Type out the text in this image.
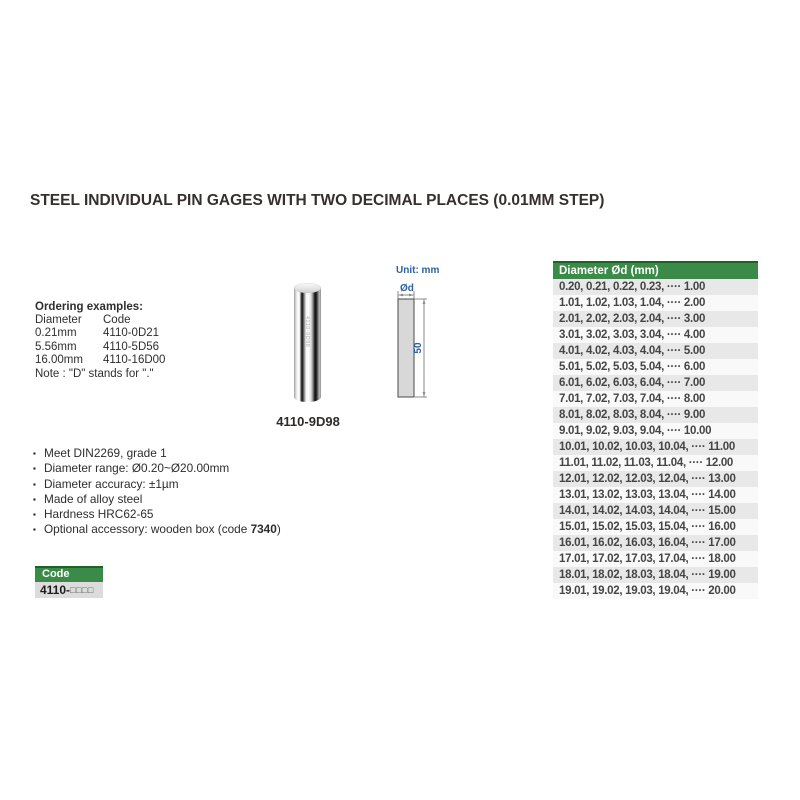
STEEL INDIVIDUAL PIN GAGES WITH TWO DECIMAL PLACES (0.01MM STEP)
Ordering examples:
Diameter	Code
0.21mm	4110-0D21
5.56mm	4110-5D56
16.00mm	4110-16D00
Note : "D" stands for "."
4110-9D98
4110-9D98
Unit: mm
Ød
50
▪ Meet DIN2269, grade 1
▪ Diameter range: Ø0.20~Ø20.00mm
▪ Diameter accuracy: ±1µm
▪ Made of alloy steel
▪ Hardness HRC62-65
▪ Optional accessory: wooden box (code 7340)
Code
4110-□□□□
Diameter Ød (mm)
0.20, 0.21, 0.22, 0.23, ···· 1.00
1.01, 1.02, 1.03, 1.04, ···· 2.00
2.01, 2.02, 2.03, 2.04, ···· 3.00
3.01, 3.02, 3.03, 3.04, ···· 4.00
4.01, 4.02, 4.03, 4.04, ···· 5.00
5.01, 5.02, 5.03, 5.04, ···· 6.00
6.01, 6.02, 6.03, 6.04, ···· 7.00
7.01, 7.02, 7.03, 7.04, ···· 8.00
8.01, 8.02, 8.03, 8.04, ···· 9.00
9.01, 9.02, 9.03, 9.04, ···· 10.00
10.01, 10.02, 10.03, 10.04, ···· 11.00
11.01, 11.02, 11.03, 11.04, ···· 12.00
12.01, 12.02, 12.03, 12.04, ···· 13.00
13.01, 13.02, 13.03, 13.04, ···· 14.00
14.01, 14.02, 14.03, 14.04, ···· 15.00
15.01, 15.02, 15.03, 15.04, ···· 16.00
16.01, 16.02, 16.03, 16.04, ···· 17.00
17.01, 17.02, 17.03, 17.04, ···· 18.00
18.01, 18.02, 18.03, 18.04, ···· 19.00
19.01, 19.02, 19.03, 19.04, ···· 20.00
